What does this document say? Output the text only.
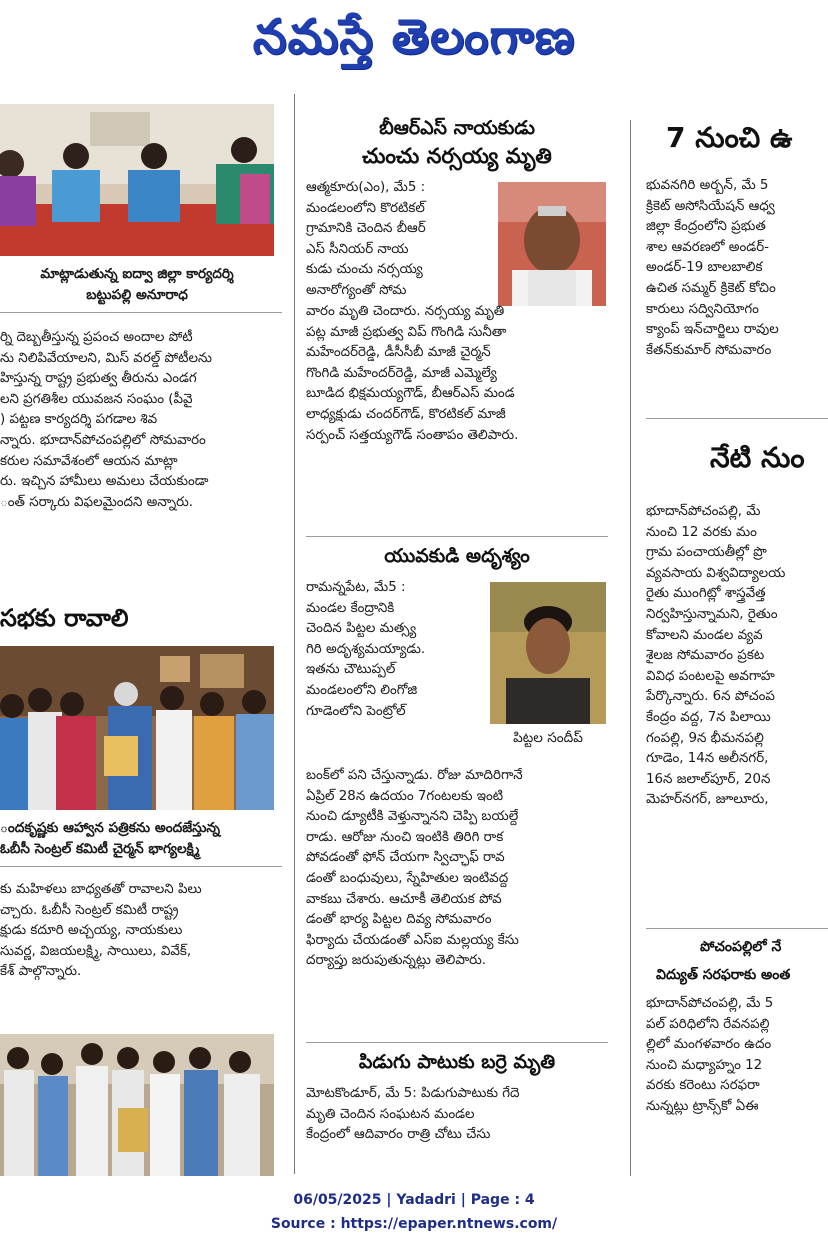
నమస్తే తెలంగాణ
మాట్లాడుతున్న ఐద్వా జిల్లా కార్యదర్శి
బట్టుపల్లి అనూరాధ
ర్ని దెబ్బతీస్తున్న ప్రపంచ అందాల పోటీ
ను నిలిపివేయాలని, మిస్ వరల్డ్ పోటీలను
హిస్తున్న రాష్ట్ర ప్రభుత్వ తీరును ఎండగ
లని ప్రగతిశీల యువజన సంఘం (పీవై
) పట్టణ కార్యదర్శి పగడాల శివ
న్నారు. భూదాన్‌పోచంపల్లిలో సోమవారం
కరుల సమావేశంలో ఆయన మాట్లా
రు. ఇచ్చిన హామీలు అమలు చేయకుండా
ంత్ సర్కారు విఫలమైందని అన్నారు.
సభకు రావాలి
ందకృష్ణకు ఆహ్వాన పత్రికను అందజేస్తున్న
ఓబీసీ సెంట్రల్ కమిటీ చైర్మన్ భాగ్యలక్ష్మి
కు మహిళలు బాధ్యతతో రావాలని పిలు
చ్చారు. ఓబీసీ సెంట్రల్ కమిటీ రాష్ట్ర
క్షుడు కదూరి అచ్చయ్య, నాయకులు
సువర్ణ, విజయలక్ష్మి, సాయిలు, వివేక్,
కేశ్ పాల్గొన్నారు.
బీఆర్ఎస్ నాయకుడు
చుంచు నర్సయ్య మృతి
ఆత్మకూరు(ఎం), మే5 :
మండలంలోని కొరటికల్
గ్రామానికి చెందిన బీఆర్
ఎస్ సీనియర్ నాయ
కుడు చుంచు నర్సయ్య
అనారోగ్యంతో సోమ
వారం మృతి చెందారు. నర్సయ్య మృతి
పట్ల మాజీ ప్రభుత్వ విప్ గొంగిడి సునీతా
మహేందర్‌రెడ్డి, డీసీసీబీ మాజీ చైర్మన్
గొంగిడి మహేందర్‌రెడ్డి, మాజీ ఎమ్మెల్యే
బూడిద భిక్షమయ్యగౌడ్, బీఆర్ఎస్ మండ
లాధ్యక్షుడు చందర్‌గౌడ్, కొరటికల్ మాజీ
సర్పంచ్ సత్తయ్యగౌడ్ సంతాపం తెలిపారు.
యువకుడి అదృశ్యం
రామన్నపేట, మే5 :
మండల కేంద్రానికి
చెందిన పిట్టల మత్స్య
గిరి అదృశ్యమయ్యాడు.
ఇతను చౌటుప్పల్
మండలంలోని లింగోజి
గూడెంలోని పెంట్రోల్
పిట్టల సందీప్
బంక్‌లో పని చేస్తున్నాడు. రోజు మాదిరిగానే
ఏప్రిల్ 28న ఉదయం 7గంటలకు ఇంటి
నుంచి డ్యూటీకి వెళ్తున్నానని చెప్పి బయల్దే
రాడు. ఆరోజు నుంచి ఇంటికి తిరిగి రాక
పోవడంతో ఫోన్ చేయగా స్విచ్ఛాఫ్ రావ
డంతో బంధువులు, స్నేహితుల ఇంటివద్ద
వాకబు చేశారు. ఆచూకీ తెలియక పోవ
డంతో భార్య పిట్టల దివ్య సోమవారం
ఫిర్యాదు చేయడంతో ఎస్ఐ మల్లయ్య కేసు
దర్యాప్తు జరుపుతున్నట్లు తెలిపారు.
పిడుగు పాటుకు బర్రె మృతి
మోటకొండూర్, మే 5: పిడుగుపాటుకు గేదె
మృతి చెందిన సంఘటన మండల
కేంద్రంలో ఆదివారం రాత్రి చోటు చేసు
7 నుంచి ఉ
భువనగిరి అర్బన్, మే 5
క్రికెట్ అసోసియేషన్ ఆధ్వ
జిల్లా కేంద్రంలోని ప్రభుత
శాల ఆవరణలో అండర్-
అండర్-19 బాలబాలిక
ఉచిత సమ్మర్ క్రికెట్ కోచిం
కారులు సద్వినియోగం
క్యాంప్ ఇన్‌చార్జిలు రావుల
కేతన్‌కుమార్ సోమవారం
నేటి నుం
భూదాన్‌పోచంపల్లి, మే
నుంచి 12 వరకు మం
గ్రామ పంచాయతీల్లో ప్రొ
వ్యవసాయ విశ్వవిద్యాలయ
రైతు ముంగిట్లో శాస్త్రవేత్త
నిర్వహిస్తున్నామని, రైతుం
కోవాలని మండల వ్యవ
శైలజ సోమవారం ప్రకట
వివిధ పంటలపై అవగాహ
పేర్కొన్నారు. 6న పోచంప
కేంద్రం వద్ద, 7న పిలాయి
గంపల్లి, 9న భీమనపల్లి
గూడెం, 14న అలీనగర్,
16న జలాల్‌పూర్, 20న
మెహర్‌నగర్, జూలూరు,
పోచంపల్లిలో నే
విద్యుత్ సరఫరాకు అంత
భూదాన్‌పోచంపల్లి, మే 5
పల్ పరిధిలోని రేవనపల్లి
ల్లిలో మంగళవారం ఉదం
నుంచి మధ్యాహ్నం 12
వరకు కరెంటు సరఫరా
నున్నట్లు ట్రాన్స్‌కో ఏఈ
06/05/2025 | Yadadri | Page : 4
Source : https://epaper.ntnews.com/
